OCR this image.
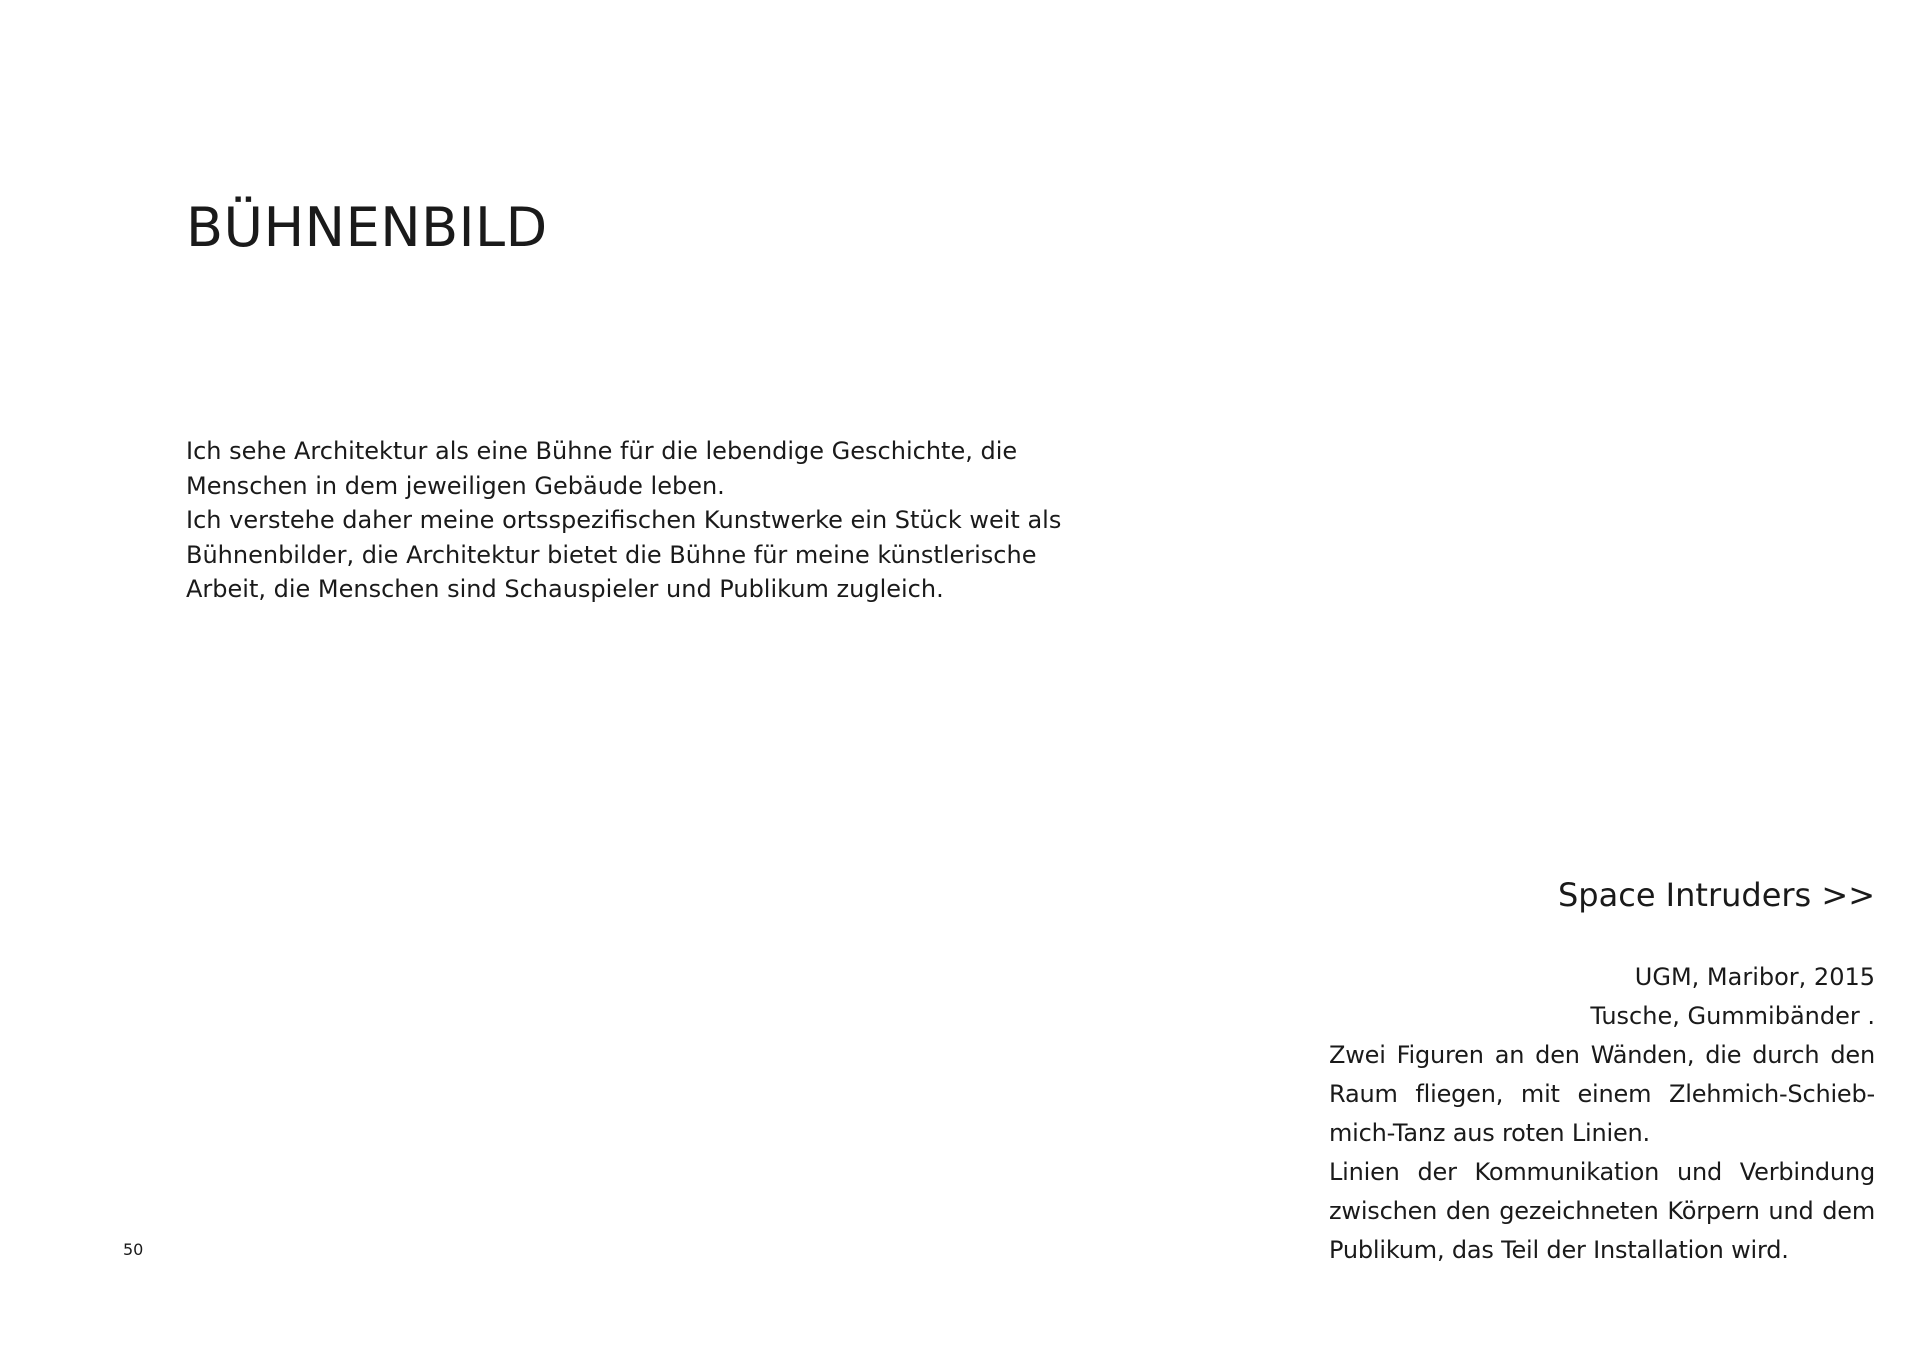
BÜHNENBILD

Ich sehe Architektur als eine Bühne für die lebendige Geschichte, die

Menschen in dem jeweiligen Gebäude leben.

Ich verstehe daher meine ortsspezifischen Kunstwerke ein Stück weit als

Bühnenbilder, die Architektur bietet die Bühne für meine künstlerische

Arbeit, die Menschen sind Schauspieler und Publikum zugleich.

Space Intruders >>

UGM, Maribor, 2015

Tusche, Gummibänder .

Zwei Figuren an den Wänden, die durch den Raum fliegen, mit einem Zlehmich-Schieb-mich-Tanz aus roten Linien.

Linien der Kommunikation und Verbindung zwischen den gezeichneten Körpern und dem Publikum, das Teil der Installation wird.

50
